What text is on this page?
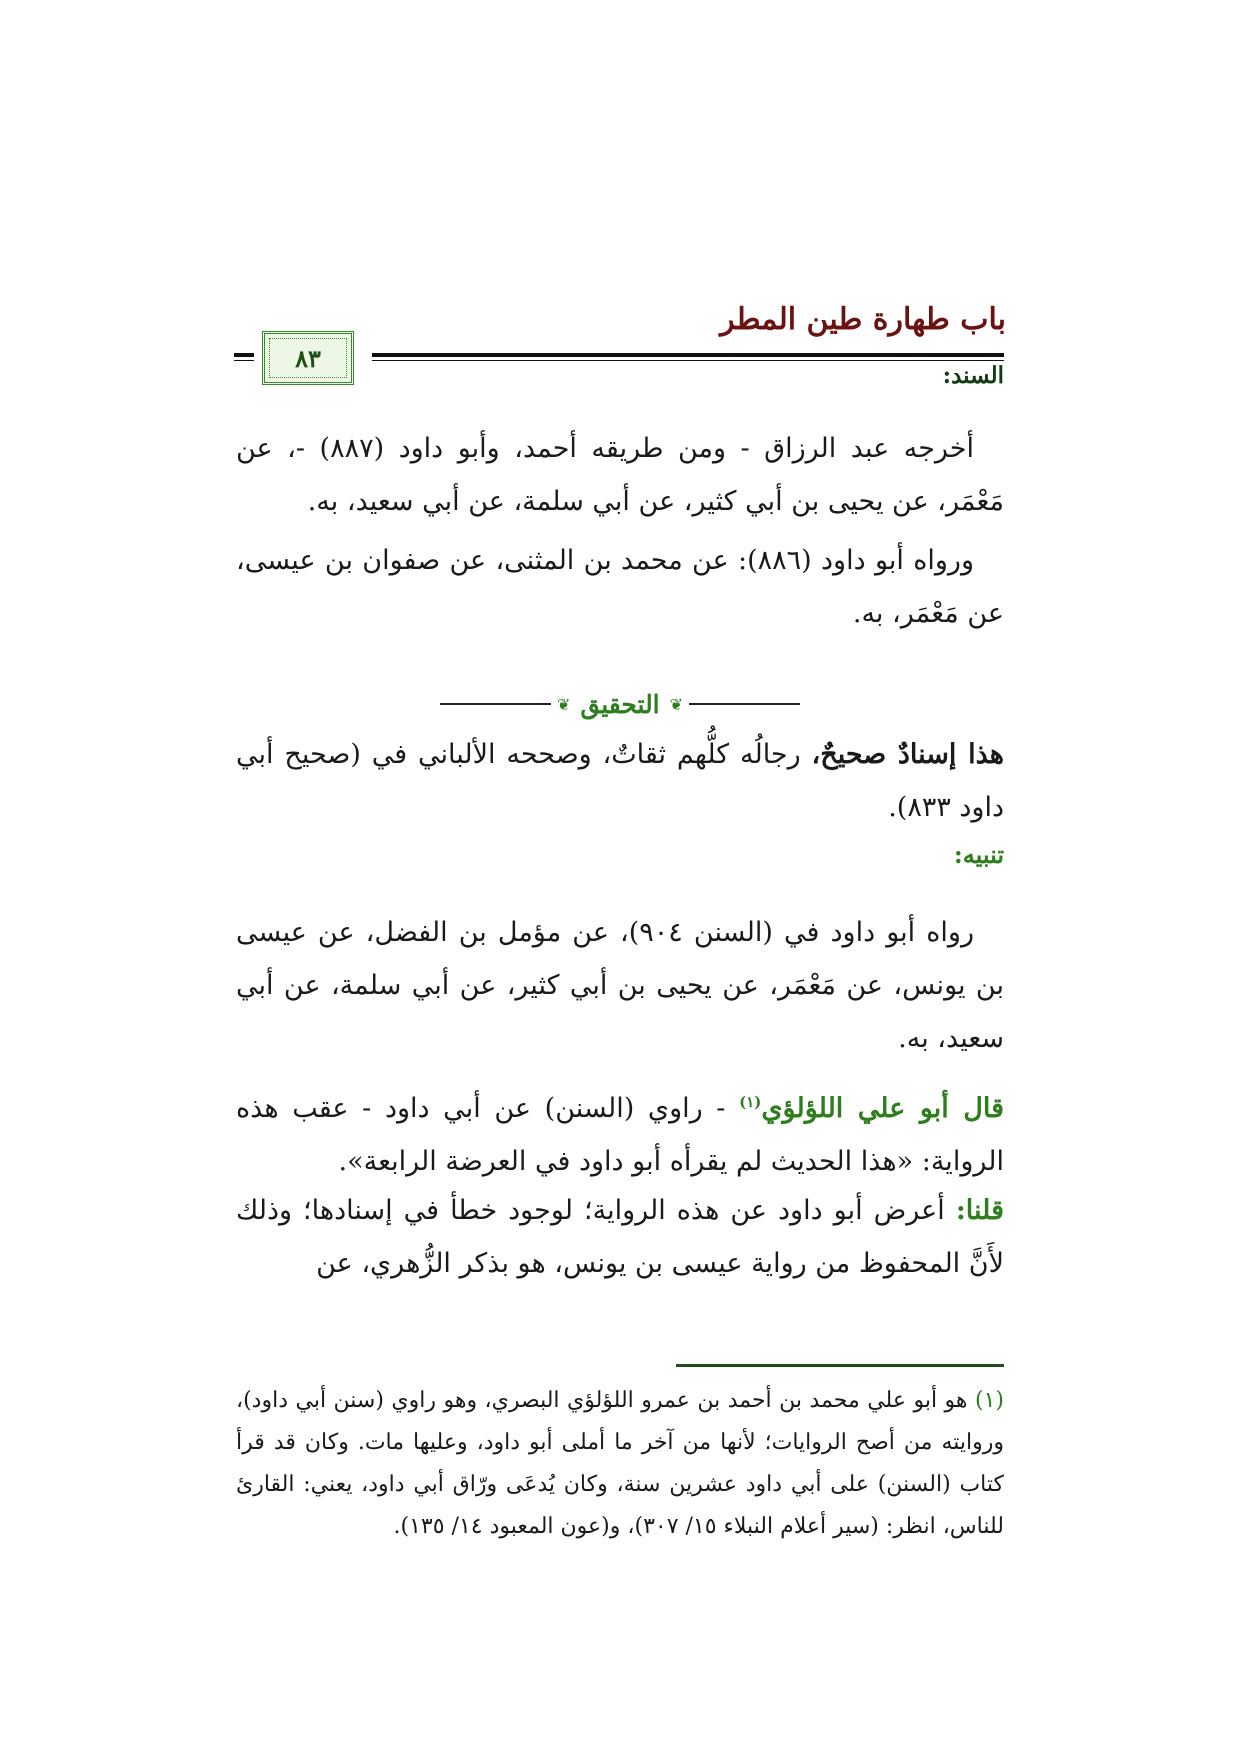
باب طهارة طين المطر
٨٣
السند:

أخرجه عبد الرزاق - ومن طريقه أحمد، وأبو داود (٨٨٧) -، عن مَعْمَر، عن يحيى بن أبي كثير، عن أبي سلمة، عن أبي سعيد، به.

ورواه أبو داود (٨٨٦): عن محمد بن المثنى، عن صفوان بن عيسى، عن مَعْمَر، به.

❦
التحقيق
❦

هذا إسنادٌ صحيحٌ، رجالُه كلُّهم ثقاتٌ، وصححه الألباني في (صحيح أبي داود ٨٣٣).

تنبيه:

رواه أبو داود في (السنن ٩٠٤)، عن مؤمل بن الفضل، عن عيسى بن يونس، عن مَعْمَر، عن يحيى بن أبي كثير، عن أبي سلمة، عن أبي سعيد، به.

قال أبو علي اللؤلؤي$^{(١)}$ - راوي (السنن) عن أبي داود - عقب هذه الرواية: «هذا الحديث لم يقرأه أبو داود في العرضة الرابعة».

قلنا: أعرض أبو داود عن هذه الرواية؛ لوجود خطأ في إسنادها؛ وذلك لأَنَّ المحفوظ من رواية عيسى بن يونس، هو بذكر الزُّهري، عن

(١) هو أبو علي محمد بن أحمد بن عمرو اللؤلؤي البصري، وهو راوي (سنن أبي داود)، وروايته من أصح الروايات؛ لأنها من آخر ما أملى أبو داود، وعليها مات. وكان قد قرأ كتاب (السنن) على أبي داود عشرين سنة، وكان يُدعَى ورّاق أبي داود، يعني: القارئ للناس، انظر: (سير أعلام النبلاء ١٥/ ٣٠٧)، و(عون المعبود ١٤/ ١٣٥).
